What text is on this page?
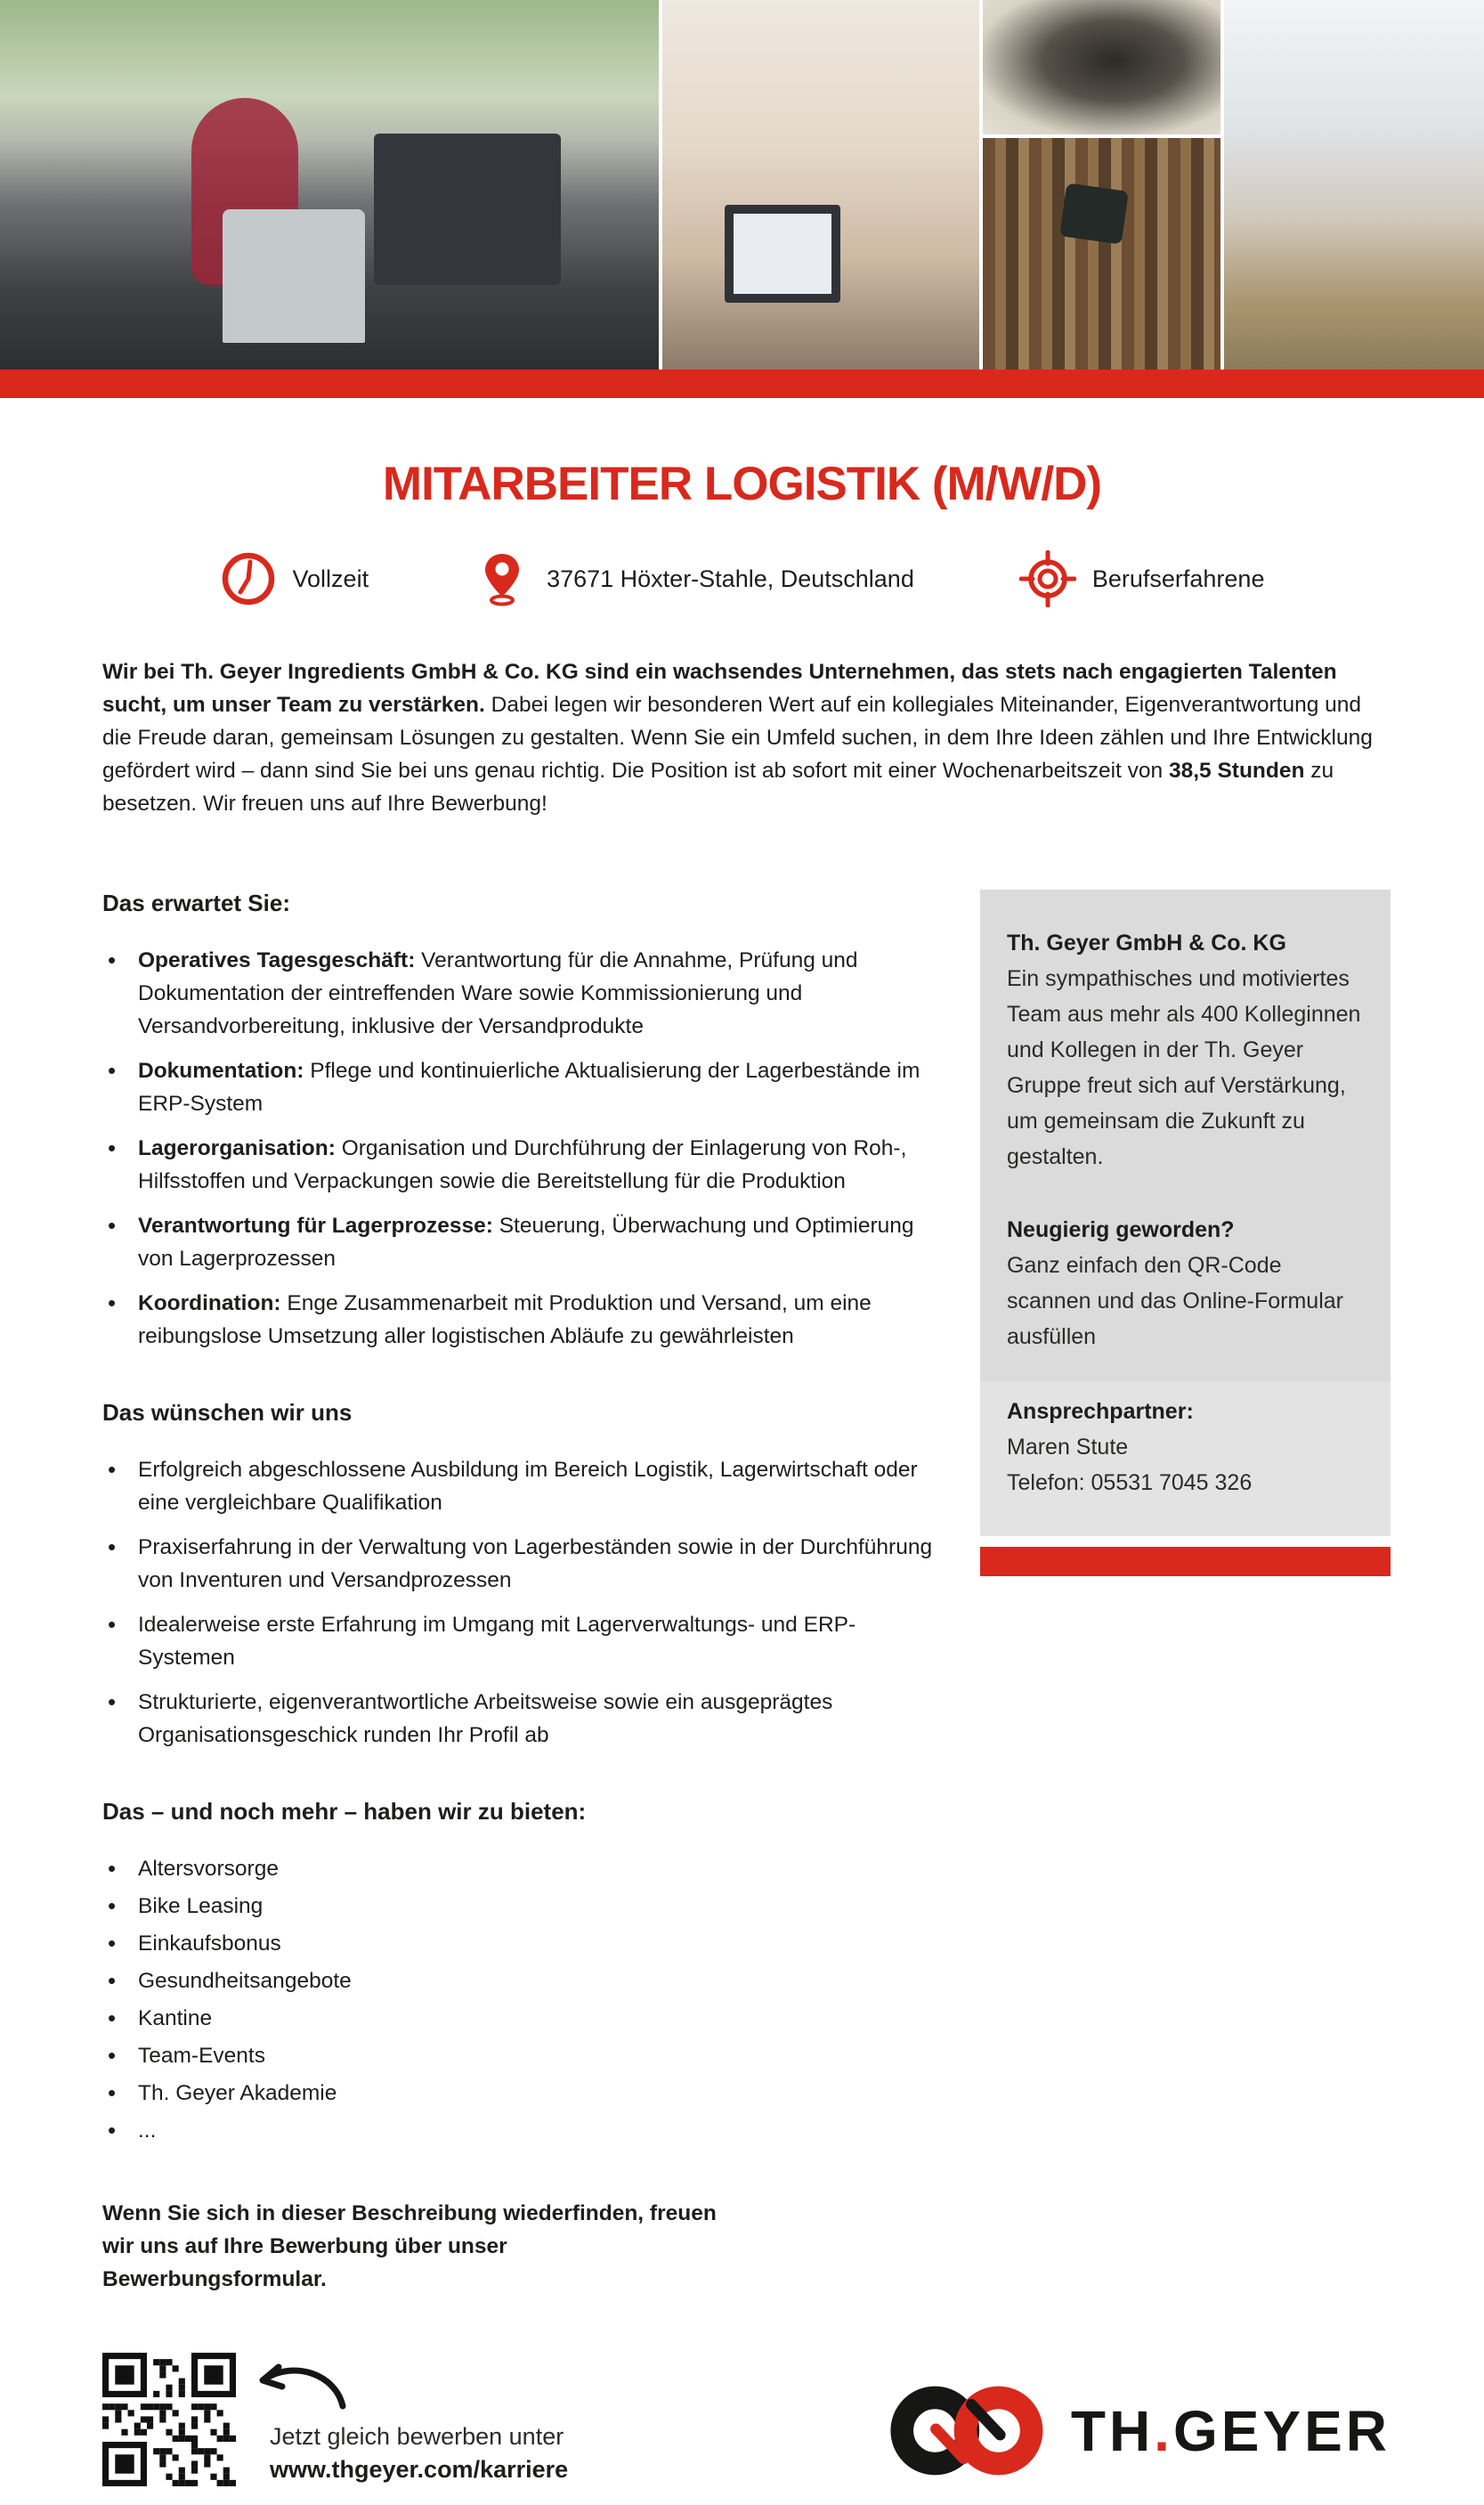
MITARBEITER LOGISTIK (M/W/D)
Vollzeit	37671 Höxter-Stahle, Deutschland	Berufserfahrene

Wir bei Th. Geyer Ingredients GmbH & Co. KG sind ein wachsendes Unternehmen, das stets nach engagierten Talenten sucht, um unser Team zu verstärken. Dabei legen wir besonderen Wert auf ein kollegiales Miteinander, Eigenverantwortung und die Freude daran, gemeinsam Lösungen zu gestalten. Wenn Sie ein Umfeld suchen, in dem Ihre Ideen zählen und Ihre Entwicklung gefördert wird – dann sind Sie bei uns genau richtig. Die Position ist ab sofort mit einer Wochenarbeitszeit von 38,5 Stunden zu besetzen. Wir freuen uns auf Ihre Bewerbung!

Das erwartet Sie:
• Operatives Tagesgeschäft: Verantwortung für die Annahme, Prüfung und Dokumentation der eintreffenden Ware sowie Kommissionierung und Versandvorbereitung, inklusive der Versandprodukte
• Dokumentation: Pflege und kontinuierliche Aktualisierung der Lagerbestände im ERP-System
• Lagerorganisation: Organisation und Durchführung der Einlagerung von Roh-, Hilfsstoffen und Verpackungen sowie die Bereitstellung für die Produktion
• Verantwortung für Lagerprozesse: Steuerung, Überwachung und Optimierung von Lagerprozessen
• Koordination: Enge Zusammenarbeit mit Produktion und Versand, um eine reibungslose Umsetzung aller logistischen Abläufe zu gewährleisten
Das wünschen wir uns
• Erfolgreich abgeschlossene Ausbildung im Bereich Logistik, Lagerwirtschaft oder eine vergleichbare Qualifikation
• Praxiserfahrung in der Verwaltung von Lagerbeständen sowie in der Durchführung von Inventuren und Versandprozessen
• Idealerweise erste Erfahrung im Umgang mit Lagerverwaltungs- und ERP-Systemen
• Strukturierte, eigenverantwortliche Arbeitsweise sowie ein ausgeprägtes Organisationsgeschick runden Ihr Profil ab
Das – und noch mehr – haben wir zu bieten:
• Altersvorsorge
• Bike Leasing
• Einkaufsbonus
• Gesundheitsangebote
• Kantine
• Team-Events
• Th. Geyer Akademie
• ...

Wenn Sie sich in dieser Beschreibung wiederfinden, freuen wir uns auf Ihre Bewerbung über unser Bewerbungsformular.

Th. Geyer GmbH & Co. KG

Ein sympathisches und motiviertes Team aus mehr als 400 Kolleginnen und Kollegen in der Th. Geyer Gruppe freut sich auf Verstärkung, um gemeinsam die Zukunft zu gestalten.

Neugierig geworden?

Ganz einfach den QR-Code scannen und das Online-Formular ausfüllen

Ansprechpartner:

Maren Stute

Telefon: 05531 7045 326

Jetzt gleich bewerben unter
www.thgeyer.com/karriere
TH.GEYER
